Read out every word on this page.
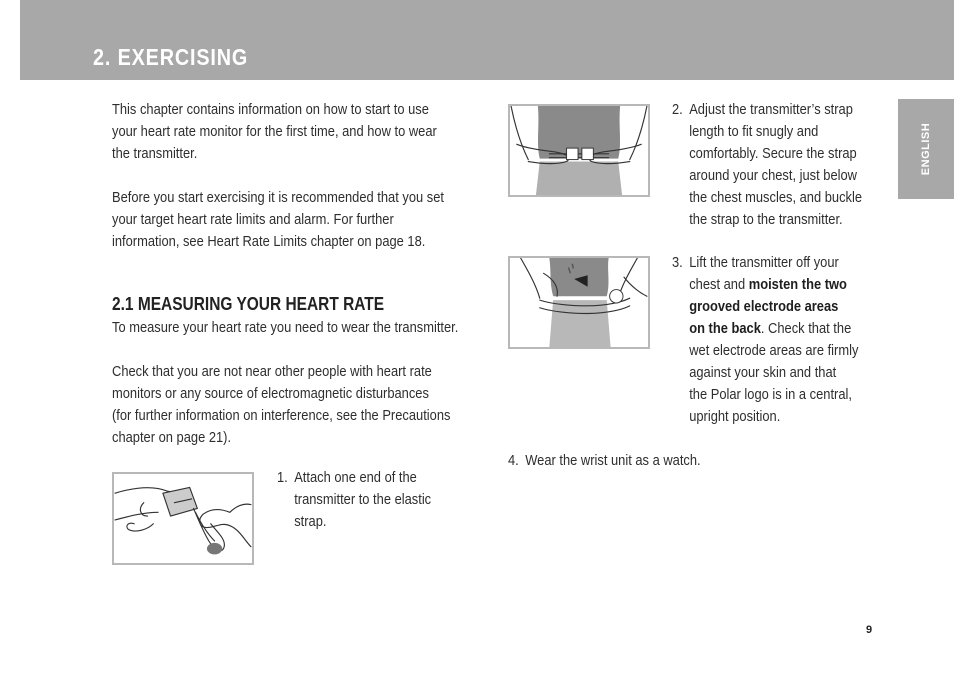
2. EXERCISING
This chapter contains information on how to start to use
your heart rate monitor for the first time, and how to wear
the transmitter.
Before you start exercising it is recommended that you set
your target heart rate limits and alarm. For further
information, see Heart Rate Limits chapter on page 18.
2.1 MEASURING YOUR HEART RATE
To measure your heart rate you need to wear the transmitter.
Check that you are not near other people with heart rate
monitors or any source of electromagnetic disturbances
(for further information on interference, see the Precautions
chapter on page 21).
1. Attach one end of the
transmitter to the elastic
strap.
2. Adjust the transmitter’s strap
length to fit snugly and
comfortably. Secure the strap
around your chest, just below
the chest muscles, and buckle
the strap to the transmitter.
3. Lift the transmitter off your
chest and moisten the two
grooved electrode areas
on the back. Check that the
wet electrode areas are firmly
against your skin and that
the Polar logo is in a central,
upright position.
4. Wear the wrist unit as a watch.
ENGLISH
9
